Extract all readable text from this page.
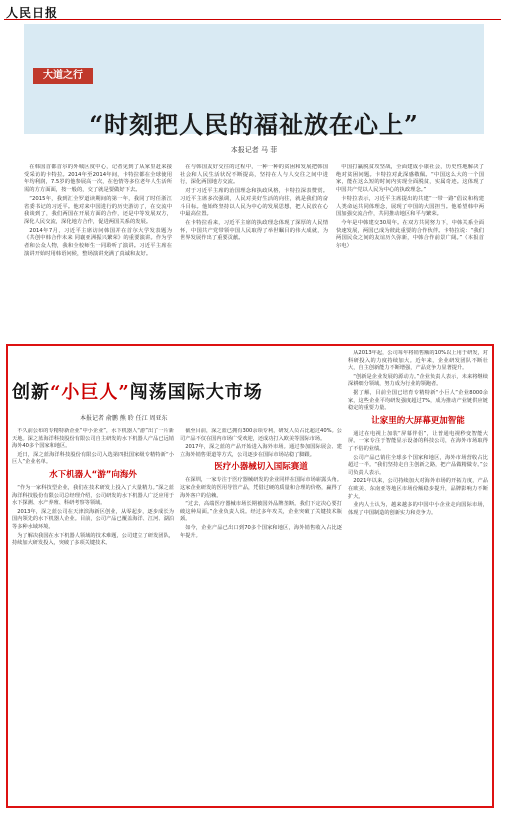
人民日报
大道之行
“时刻把人民的福祉放在心上”
本报记者 马 菲

在韩国首都首尔的外城区度中心，记者见到了从家里赶来接受采访的卡特拉。2014年至2014年间，卡特拉都在全球使用年均利润，7.5岁的他参展高一次，在色情等多位老年人生活所需的方方面面，按一般的，交了就是要做好下去。

“2015年，我到汇全罗道读期间的第一年，我同了时任浙江省委书记的习近平。他对来中国进行的历史游访了，在交流中我谈到了，我们两国在开展方面的合作，还是中等发展双方，深化人民交流，深化地方合作，促进两国关系的发展。

2014年7月，习近平主席访问韩国并在首尔大学发表题为《共创中韩合作未来 同襄亚洲振兴繁荣》的重要演讲。作为学者和公众人物，我和全校师生一同聆听了演讲。习近平主席在演讲开始时用韩语问候，整场演讲充满了真诚和友好。

在与韩国友好交往的过程中，一种一种的贫困和发展把韩国社会和人民生活状况不断提高，坚持在人与人交往之间中进行，深化两国地方交流。

对于习近平主席的治国理念和执政风格，卡特拉深表赞赏。习近平主席多次强调，人民对美好生活的向往，就是我们的奋斗目标。他始终坚持以人民为中心的发展思想，把人民放在心中最高位置。

在卡特拉看来，习近平主席的执政理念体现了深厚的人民情怀，中国共产党带领中国人民取得了举世瞩目的伟大成就，为世界发展作出了重要贡献。

中国打赢脱贫攻坚战，全面建成小康社会，历史性地解决了绝对贫困问题。卡特拉对此深感敬佩。“中国这么大的一个国家，能在这么短的时间内实现全面脱贫，实属奇迹。这体现了中国共产党以人民为中心的执政理念。”

卡特拉表示，习近平主席提出的共建“一带一路”倡议和构建人类命运共同体理念，展现了中国的大国担当。他希望韩中两国加强交流合作，共同推动地区和平与繁荣。

今年是中韩建交30周年。在双方共同努力下，中韩关系全面快速发展，两国已成为彼此重要的合作伙伴。卡特拉说：“我们两国民众之间的友谊历久弥新，中韩合作前景广阔。”（本报首尔电）

创新“小巨人”闯荡国际大市场
本报记者 俞鹏 熊 聆 任江 周亚东

不久前公布的专精特新企业“中小企业”，水下机器人“游”出了一片新天地。深之蓝海洋科技股份有限公司自主研发的水下机器人产品已远销海外40多个国家和地区。

近日，深之蓝海洋科技股份有限公司入选第四批国家级专精特新“小巨人”企业名单。

水下机器人“游”向海外

“作为一家科技型企业，我们在技术研发上投入了大量精力。”深之蓝海洋科技股份有限公司总经理介绍，公司研发的水下机器人广泛应用于水下探测、水产养殖、科研考察等领域。

2013年，深之蓝公司在天津滨海新区创业，从零起步，逐步成长为国内领先的水下机器人企业。目前，公司产品已覆盖海洋、江河、湖泊等多种水域环境。

为了解决我国在水下机器人领域的技术难题，公司建立了研发团队，持续加大研发投入，突破了多项关键技术。

截至目前，深之蓝已拥有300余项专利，研发人员占比超过40%。公司产品不仅在国内市场广受欢迎，还成功打入欧美等国际市场。

2017年，深之蓝的产品开始进入海外市场。通过参加国际展会、建立海外销售渠道等方式，公司逐步在国际市场站稳了脚跟。

医疗小器械切入国际赛道

在深圳，一家专注于医疗器械研发的企业同样在国际市场崭露头角。这家企业研发的医用导管产品，凭借过硬的质量和合理的价格，赢得了海外客户的信赖。

“过去，高端医疗器械市场长期被国外品牌垄断。我们下定决心要打破这种局面。”企业负责人说。经过多年攻关，企业突破了关键技术瓶颈。

如今，企业产品已出口到70多个国家和地区，海外销售收入占比逐年提升。

从2013年起，公司每年将销售额的10%以上用于研发，对科研投入的力度持续加大。近年来，企业研发团队不断壮大，自主创新能力不断增强，产品竞争力显著提升。

“创新是企业发展的源动力。”企业负责人表示，未来将继续深耕细分领域，努力成为行业的领跑者。

据了解，目前全国已培育专精特新“小巨人”企业8000余家，这些企业平均研发强度超过7%，成为推动产业链供应链稳定的重要力量。

让家里的大屏幕更加智能

通过在电视上加装“屏幕伴侣”，让普通电视秒变智能大屏。一家专注于智能显示设备的科技公司，在海外市场取得了不俗的业绩。

公司产品已销往全球多个国家和地区，海外市场营收占比超过一半。“我们坚持走自主创新之路，把产品做精做专。”公司负责人表示。

2021年以来，公司持续加大对海外市场的开拓力度，产品在欧美、东南亚等地区市场份额稳步提升，品牌影响力不断扩大。

业内人士认为，越来越多的中国中小企业走向国际市场，体现了中国制造的创新实力和竞争力。
